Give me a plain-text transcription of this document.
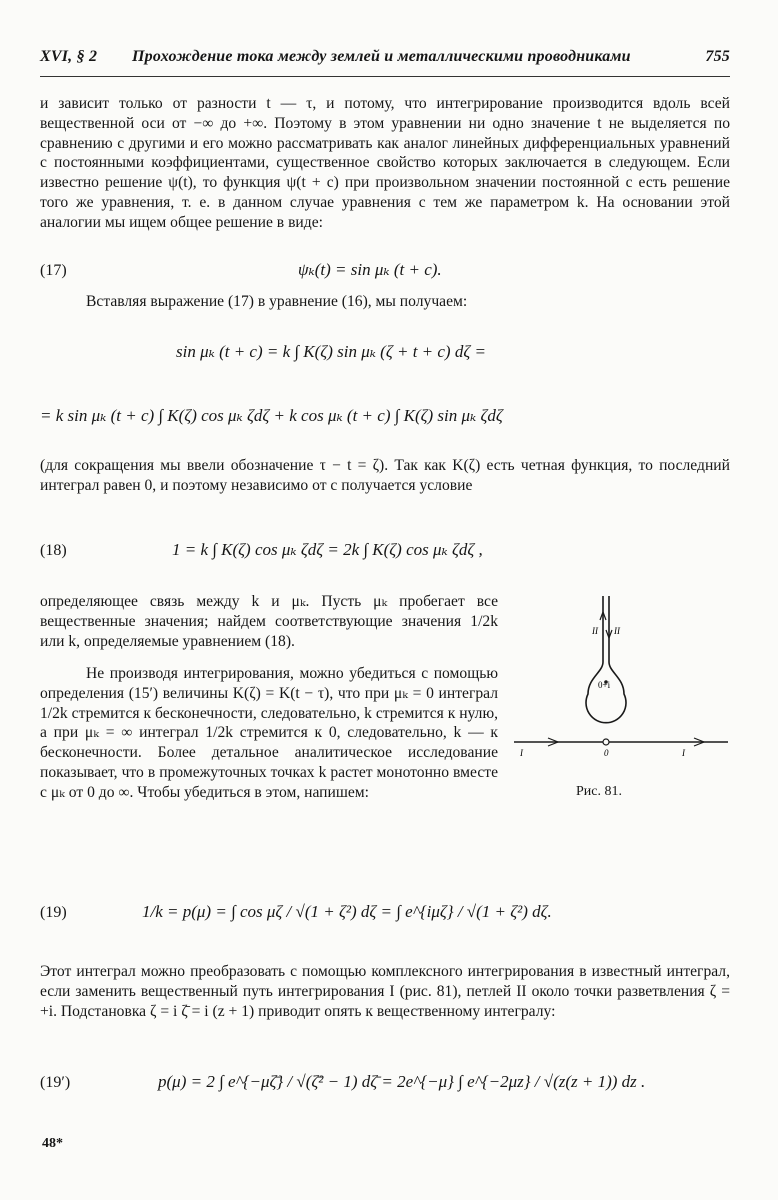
XVI, § 2 Прохождение тока между землей и металлическими проводниками	755
и зависит только от разности t — τ, и потому, что интегрирование производится вдоль всей вещественной оси от −∞ до +∞. Поэтому в этом уравнении ни одно значение t не выделяется по сравнению с другими и его можно рассматривать как аналог линейных дифференциальных уравнений с постоянными коэффициентами, существенное свойство которых заключается в следующем. Если известно решение ψ(t), то функция ψ(t + c) при произвольном значении постоянной c есть решение того же уравнения, т. е. в данном случае уравнения с тем же параметром k. На основании этой аналогии мы ищем общее решение в виде:
(17)	ψₖ(t) = sin μₖ (t + c).
Вставляя выражение (17) в уравнение (16), мы получаем:
sin μₖ (t + c) = k ∫ K(ζ) sin μₖ (ζ + t + c) dζ =
= k sin μₖ (t + c) ∫ K(ζ) cos μₖ ζdζ + k cos μₖ (t + c) ∫ K(ζ) sin μₖ ζdζ
(для сокращения мы ввели обозначение τ − t = ζ). Так как K(ζ) есть четная функция, то последний интеграл равен 0, и поэтому независимо от c получается условие
(18)	1 = k ∫ K(ζ) cos μₖ ζdζ = 2k ∫ K(ζ) cos μₖ ζdζ ,
определяющее связь между k и μₖ. Пусть μₖ пробегает все вещественные значения; найдем соответствующие значения 1/2k или k, определяемые уравнением (18).
Не производя интегрирования, можно убедиться с помощью определения (15′) величины K(ζ) = K(t − τ), что при μₖ = 0 интеграл 1/2k стремится к бесконечности, следовательно, k стремится к нулю, а при μₖ = ∞ интеграл 1/2k стремится к 0, следовательно, k — к бесконечности. Более детальное аналитическое исследование показывает, что в промежуточных точках k растет монотонно вместе с μₖ от 0 до ∞. Чтобы убедиться в этом, напишем:
II II
0+i
I	0	I
Рис. 81.
(19)	1/k = p(μ) = ∫ cos μζ / √(1 + ζ²) dζ = ∫ e^{iμζ} / √(1 + ζ²) dζ.
Этот интеграл можно преобразовать с помощью комплексного интегрирования в известный интеграл, если заменить вещественный путь интегрирования I (рис. 81), петлей II около точки разветвления ζ = +i. Подстановка ζ = i ζ̄ = i (z + 1) приводит опять к вещественному интегралу:
(19′)	p(μ) = 2 ∫ e^{−μζ̄} / √(ζ̄² − 1) dζ̄ = 2e^{−μ} ∫ e^{−2μz} / √(z(z + 1)) dz .
48*
